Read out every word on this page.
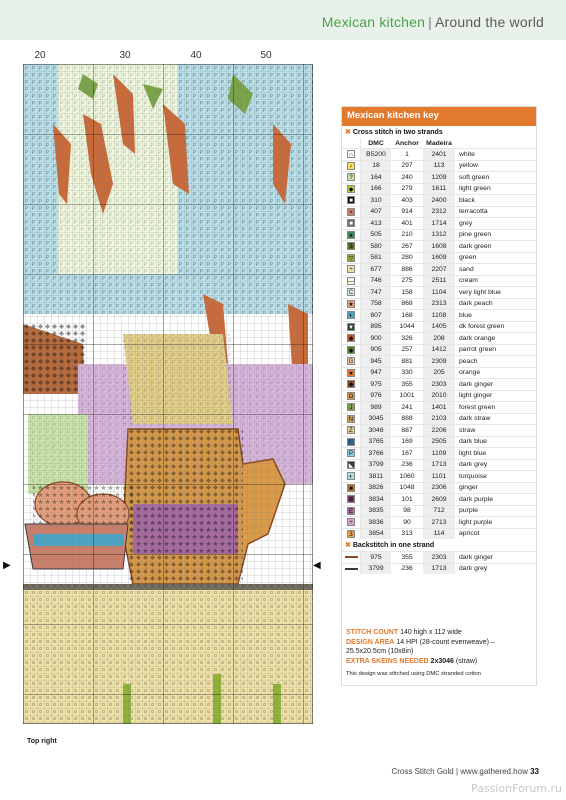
Mexican kitchen | Around the world
20	30	40	50
◀
▶
Top right
Mexican kitchen key
✖ Cross stitch in two strands
DMC	Anchor	Madeira
∩	B5200	1	2401	white
♀	18	297	113	yellow
?	164	240	1209	soft green
◆	166	279	1611	light green
■	310	403	2400	black
×	407	914	2312	terracotta
■	413	401	1714	grey
♦	505	210	1312	pine green
$	580	267	1608	dark green
▽	581	280	1609	green
÷	677	886	2207	sand
—	746	275	2511	cream
C	747	158	1104	very light blue
★	758	868	2313	dark peach
◐	807	168	1108	blue
▼	895	1044	1405	dk forest green
◆	900	326	208	dark orange
◆	905	257	1412	parrot green
G	945	881	2309	peach
★	947	330	205	orange
◆	975	355	2303	dark ginger
ʘ	976	1001	2010	light ginger
J	989	241	1401	forest green
N	3045	888	2103	dark straw
Z	3046	887	2206	straw
☾	3765	169	2505	dark blue
P	3766	167	1109	light blue
◣	3799	236	1713	dark grey
◐	3811	1060	1101	turquoise
■	3826	1048	2306	ginger
⊕	3834	101	2609	dark purple
E	3835	98	712	purple
÷	3836	90	2713	light purple
3	3854	313	114	apricot
✖ Backstitch in one strand
975	355	2303	dark ginger
3799	236	1713	dark grey
STITCH COUNT 140 high x 112 wide
DESIGN AREA 14 HPI (28-count evenweave) – 25.5x20.5cm (10x8in)
EXTRA SKEINS NEEDED 2x3046 (straw)
This design was stitched using DMC stranded cotton
Cross Stitch Gold | www.gathered.how 33
PassionForum.ru
